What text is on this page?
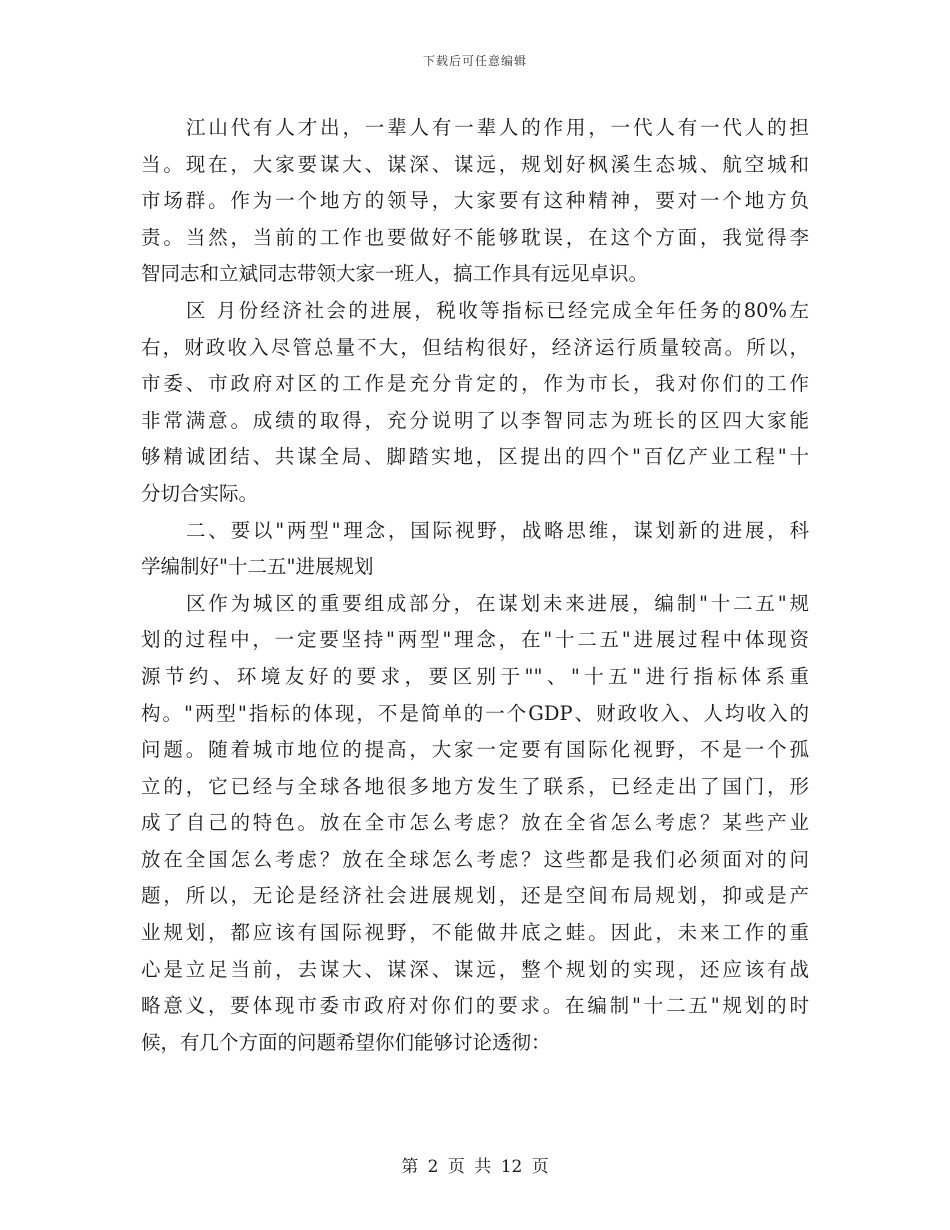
下载后可任意编辑
江山代有人才出，一辈人有一辈人的作用，一代人有一代人的担
当。现在，大家要谋大、谋深、谋远，规划好枫溪生态城、航空城和
市场群。作为一个地方的领导，大家要有这种精神，要对一个地方负
责。当然，当前的工作也要做好不能够耽误，在这个方面，我觉得李
智同志和立斌同志带领大家一班人，搞工作具有远见卓识。
区 月份经济社会的进展，税收等指标已经完成全年任务的80%左
右，财政收入尽管总量不大，但结构很好，经济运行质量较高。所以，
市委、市政府对区的工作是充分肯定的，作为市长，我对你们的工作
非常满意。成绩的取得，充分说明了以李智同志为班长的区四大家能
够精诚团结、共谋全局、脚踏实地，区提出的四个"百亿产业工程"十
分切合实际。
二、要以"两型"理念，国际视野，战略思维，谋划新的进展，科
学编制好"十二五"进展规划
区作为城区的重要组成部分，在谋划未来进展，编制"十二五"规
划的过程中，一定要坚持"两型"理念，在"十二五"进展过程中体现资
源节约、环境友好的要求，要区别于""、"十五"进行指标体系重
构。"两型"指标的体现，不是简单的一个GDP、财政收入、人均收入的
问题。随着城市地位的提高，大家一定要有国际化视野，不是一个孤
立的，它已经与全球各地很多地方发生了联系，已经走出了国门，形
成了自己的特色。放在全市怎么考虑？放在全省怎么考虑？某些产业
放在全国怎么考虑？放在全球怎么考虑？这些都是我们必须面对的问
题，所以，无论是经济社会进展规划，还是空间布局规划，抑或是产
业规划，都应该有国际视野，不能做井底之蛙。因此，未来工作的重
心是立足当前，去谋大、谋深、谋远，整个规划的实现，还应该有战
略意义，要体现市委市政府对你们的要求。在编制"十二五"规划的时
候，有几个方面的问题希望你们能够讨论透彻：
第 2 页 共 12 页
